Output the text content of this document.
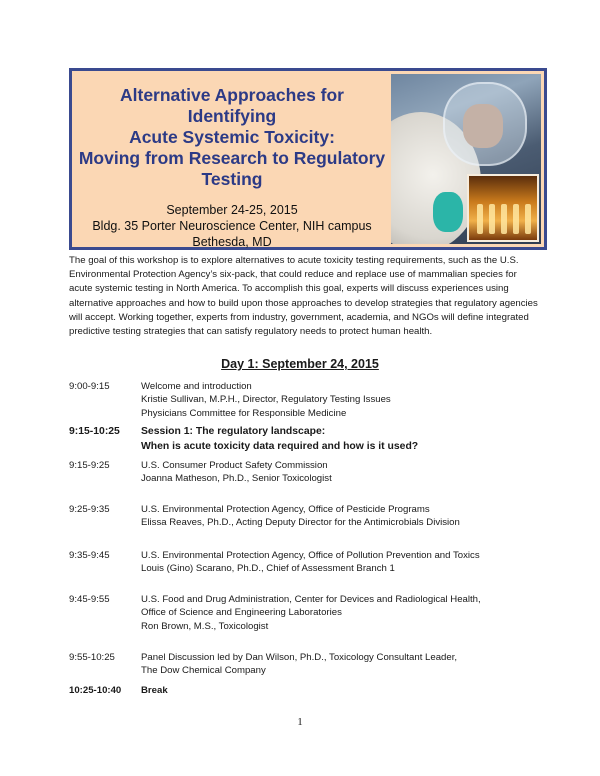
Alternative Approaches for Identifying
Acute Systemic Toxicity:
Moving from Research to Regulatory
Testing
September 24-25, 2015
Bldg. 35 Porter Neuroscience Center, NIH campus
Bethesda, MD

The goal of this workshop is to explore alternatives to acute toxicity testing requirements, such as the U.S. Environmental Protection Agency’s six-pack, that could reduce and replace use of mammalian species for acute systemic testing in North America. To accomplish this goal, experts will discuss experiences using alternative approaches and how to build upon those approaches to develop strategies that regulatory agencies will accept. Working together, experts from industry, government, academia, and NGOs will define integrated predictive testing strategies that can satisfy regulatory needs to protect human health.

Day 1: September 24, 2015
9:00-9:15	Welcome and introduction
Kristie Sullivan, M.P.H., Director, Regulatory Testing Issues
Physicians Committee for Responsible Medicine
9:15-10:25	Session 1: The regulatory landscape:
When is acute toxicity data required and how is it used?
9:15-9:25	U.S. Consumer Product Safety Commission
Joanna Matheson, Ph.D., Senior Toxicologist
9:25-9:35	U.S. Environmental Protection Agency, Office of Pesticide Programs
Elissa Reaves, Ph.D., Acting Deputy Director for the Antimicrobials Division
9:35-9:45	U.S. Environmental Protection Agency, Office of Pollution Prevention and Toxics
Louis (Gino) Scarano, Ph.D., Chief of Assessment Branch 1
9:45-9:55	U.S. Food and Drug Administration, Center for Devices and Radiological Health,
Office of Science and Engineering Laboratories
Ron Brown, M.S., Toxicologist
9:55-10:25	Panel Discussion led by Dan Wilson, Ph.D., Toxicology Consultant Leader,
The Dow Chemical Company
10:25-10:40	Break
1
